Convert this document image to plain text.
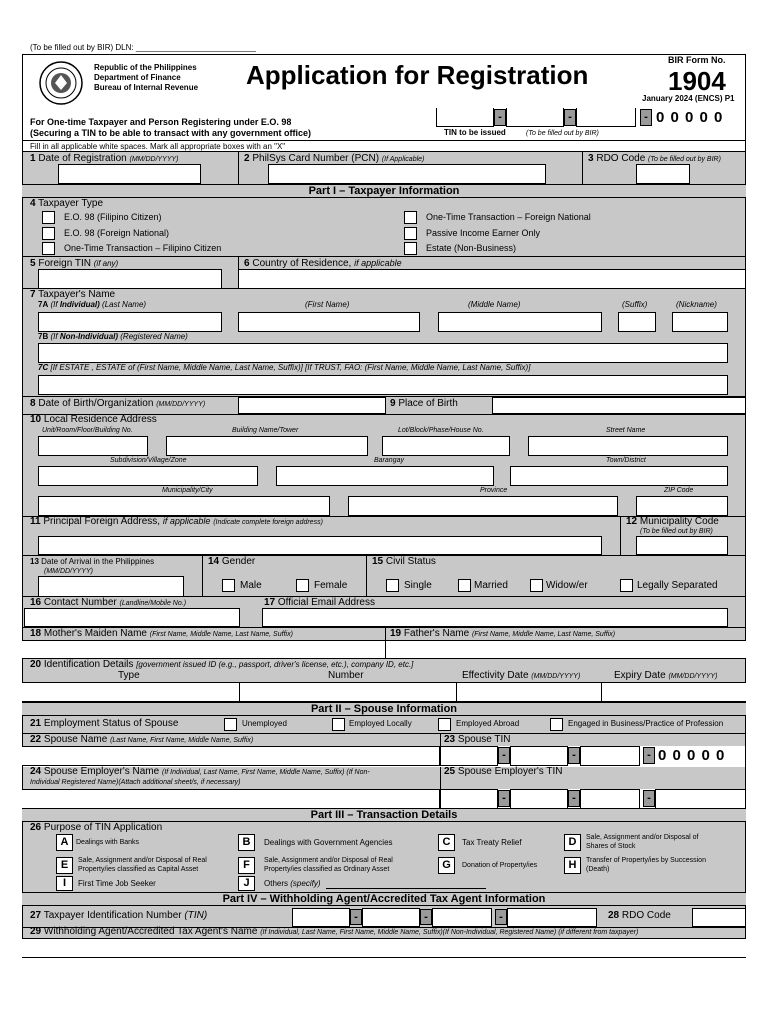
(To be filled out by BIR) DLN: ___________________________
Republic of the Philippines
Department of Finance
Bureau of Internal Revenue Application for Registration	BIR Form No.
1904
January 2024 (ENCS) P1
For One-time Taxpayer and Person Registering under E.O. 98
(Securing a TIN to be able to transact with any government office)
-	-	- 0 0 0 0 0
TIN to be issued	(To be filled out by BIR)
Fill in all applicable white spaces. Mark all appropriate boxes with an "X"
1 Date of Registration (MM/DD/YYYY)	2 PhilSys Card Number (PCN) (If Applicable)	3 RDO Code (To be filled out by BIR)
Part I – Taxpayer Information
4 Taxpayer Type
E.O. 98 (Filipino Citizen)
E.O. 98 (Foreign National)
One-Time Transaction – Filipino Citizen
One-Time Transaction – Foreign National
Passive Income Earner Only
Estate (Non-Business)
5 Foreign TIN (if any)	6 Country of Residence, if applicable
7 Taxpayer's Name
7A (If Individual) (Last Name)	(First Name)	(Middle Name)	(Suffix)	(Nickname)
7B (If Non-Individual) (Registered Name)
7C [If ESTATE , ESTATE of (First Name, Middle Name, Last Name, Suffix)] [If TRUST, FAO: (First Name, Middle Name, Last Name, Suffix)]
8 Date of Birth/Organization (MM/DD/YYYY)	9 Place of Birth
10 Local Residence Address
Unit/Room/Floor/Building No.	Building Name/Tower	Lot/Block/Phase/House No.	Street Name
Subdivision/Village/Zone	Barangay	Town/District
Municipality/City	Province	ZIP Code
11 Principal Foreign Address, if applicable (Indicate complete foreign address)	12 Municipality Code
(To be filled out by BIR)
13 Date of Arrival in the Philippines
(MM/DD/YYYY)
14 Gender
Male	Female
15 Civil Status
Single	Married	Widow/er	Legally Separated
16 Contact Number (Landline/Mobile No.)	17 Official Email Address
18 Mother's Maiden Name (First Name, Middle Name, Last Name, Suffix)	19 Father's Name (First Name, Middle Name, Last Name, Suffix)
20 Identification Details [government issued ID (e.g., passport, driver's license, etc.), company ID, etc.]
Type	Number	Effectivity Date (MM/DD/YYYY)	Expiry Date (MM/DD/YYYY)
Part II – Spouse Information
21 Employment Status of Spouse	Unemployed	Employed Locally	Employed Abroad	Engaged in Business/Practice of Profession
22 Spouse Name (Last Name, First Name, Middle Name, Suffix)	23 Spouse TIN
-	-	- 0 0 0 0 0
24 Spouse Employer's Name (If Individual, Last Name, First Name, Middle Name, Suffix) (If Non-
Individual Registered Name)(Attach additional sheet/s, if necessary)
25 Spouse Employer's TIN
-	-	-
Part III – Transaction Details
26 Purpose of TIN Application
A	Dealings with Banks	B	Dealings with Government Agencies	C	Tax Treaty Relief	D	Sale, Assignment and/or Disposal of
Shares of Stock
E	Sale, Assignment and/or Disposal of Real
Property/ies classified as Capital Asset	F	Sale, Assignment and/or Disposal of Real
Property/ies classified as Ordinary Asset	G	Donation of Property/ies	H	Transfer of Property/ies by Succession
(Death)
I	First Time Job Seeker	J	Others (specify)
Part IV – Withholding Agent/Accredited Tax Agent Information
27 Taxpayer Identification Number (TIN)	-	-	-	28 RDO Code
29 Withholding Agent/Accredited Tax Agent's Name (If Individual, Last Name, First Name, Middle Name, Suffix)(If Non-Individual, Registered Name) (if different from taxpayer)
